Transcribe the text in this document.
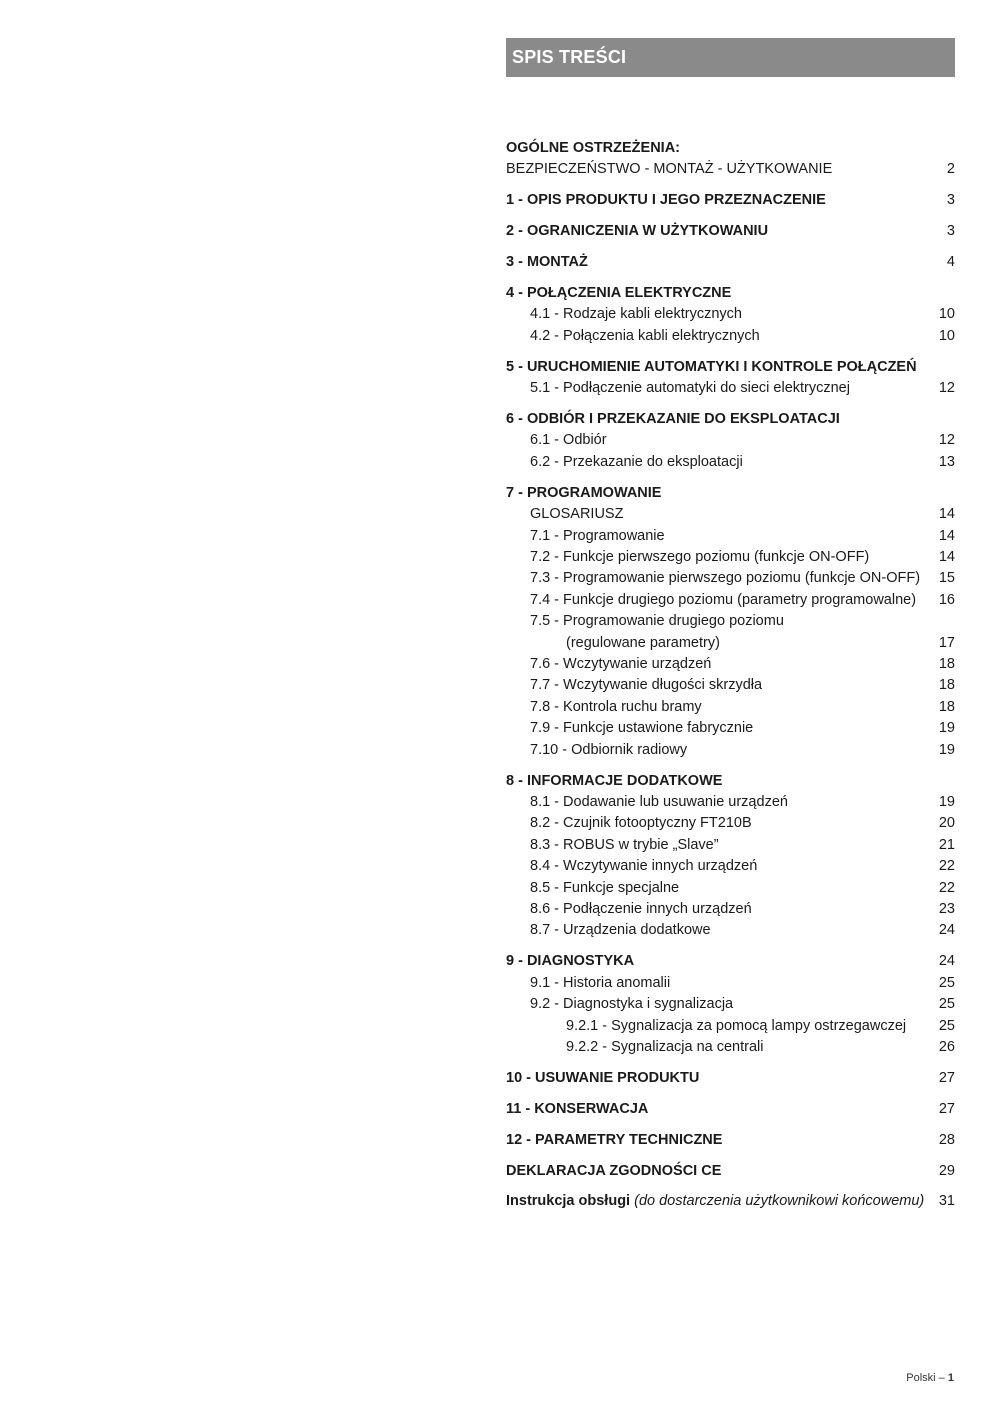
SPIS TREŚCI
OGÓLNE OSTRZEŻENIA:
BEZPIECZEŃSTWO - MONTAŻ - UŻYTKOWANIE	2
1 - OPIS PRODUKTU I JEGO PRZEZNACZENIE	3
2 - OGRANICZENIA W UŻYTKOWANIU	3
3 - MONTAŻ	4
4 - POŁĄCZENIA ELEKTRYCZNE
4.1 - Rodzaje kabli elektrycznych	10
4.2 - Połączenia kabli elektrycznych	10
5 - URUCHOMIENIE AUTOMATYKI I KONTROLE POŁĄCZEŃ
5.1 - Podłączenie automatyki do sieci elektrycznej	12
6 - ODBIÓR I PRZEKAZANIE DO EKSPLOATACJI
6.1 - Odbiór	12
6.2 - Przekazanie do eksploatacji	13
7 - PROGRAMOWANIE
GLOSARIUSZ	14
7.1 - Programowanie	14
7.2 - Funkcje pierwszego poziomu (funkcje ON-OFF)	14
7.3 - Programowanie pierwszego poziomu (funkcje ON-OFF) 15
7.4 - Funkcje drugiego poziomu (parametry programowalne) 16
7.5 - Programowanie drugiego poziomu
(regulowane parametry)	17
7.6 - Wczytywanie urządzeń	18
7.7 - Wczytywanie długości skrzydła	18
7.8 - Kontrola ruchu bramy	18
7.9 - Funkcje ustawione fabrycznie	19
7.10 - Odbiornik radiowy	19
8 - INFORMACJE DODATKOWE
8.1 - Dodawanie lub usuwanie urządzeń	19
8.2 - Czujnik fotooptyczny FT210B	20
8.3 - ROBUS w trybie „Slave”	21
8.4 - Wczytywanie innych urządzeń	22
8.5 - Funkcje specjalne	22
8.6 - Podłączenie innych urządzeń	23
8.7 - Urządzenia dodatkowe	24
9 - DIAGNOSTYKA	24
9.1 - Historia anomalii	25
9.2 - Diagnostyka i sygnalizacja	25
9.2.1 - Sygnalizacja za pomocą lampy ostrzegawczej 25
9.2.2 - Sygnalizacja na centrali	26
10 - USUWANIE PRODUKTU	27
11 - KONSERWACJA	27
12 - PARAMETRY TECHNICZNE	28
DEKLARACJA ZGODNOŚCI CE	29
Instrukcja obsługi (do dostarczenia użytkownikowi końcowemu) 31
Polski – 1
